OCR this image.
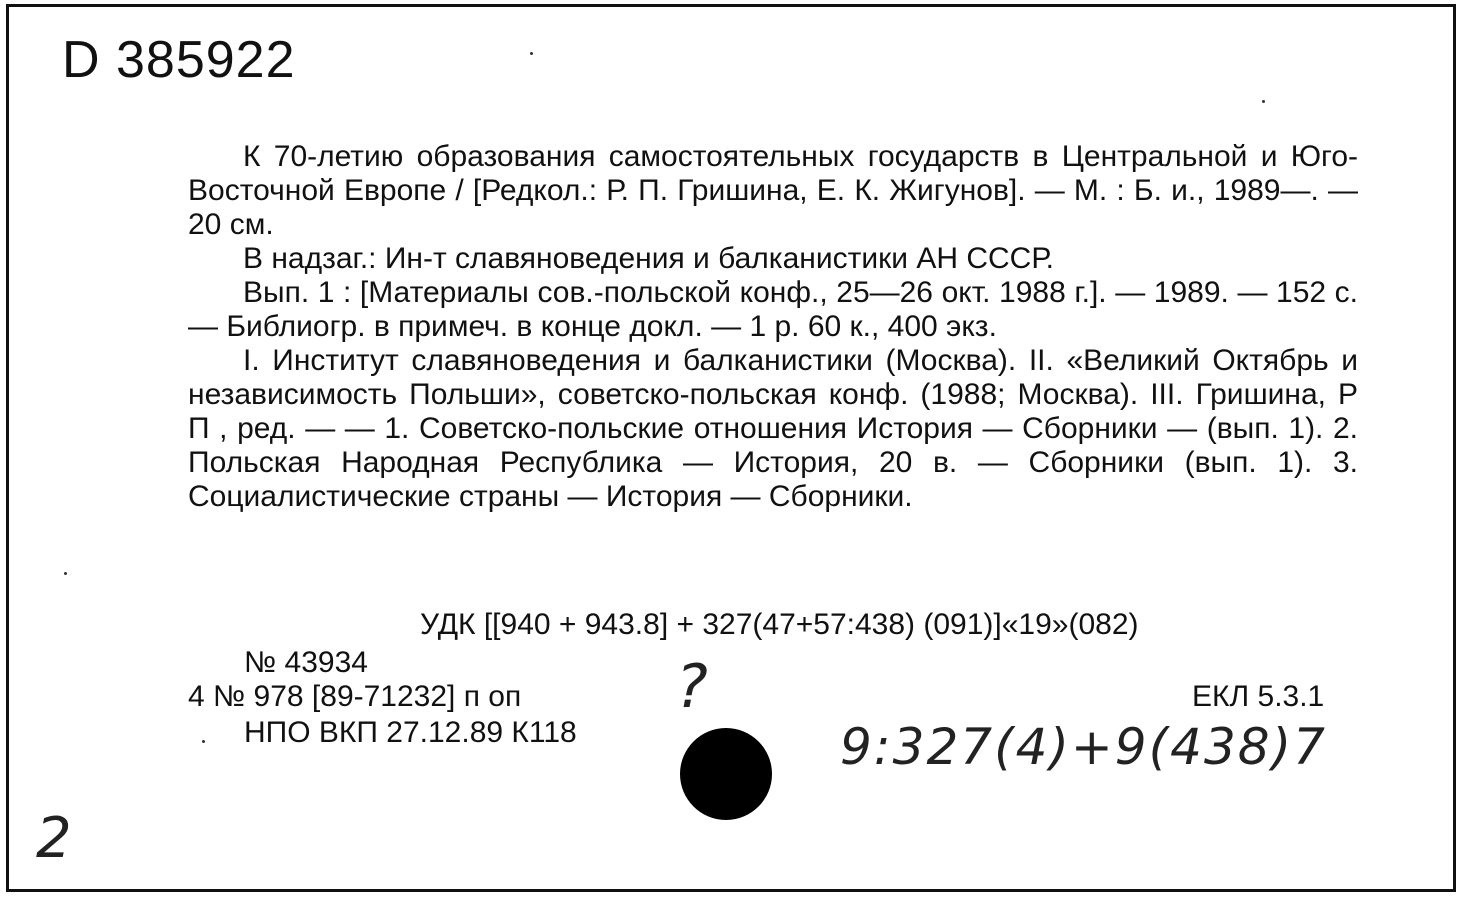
D 385922

К 70-летию образования самостоятельных государств в Центральной и Юго-Восточной Европе / [Редкол.: Р. П. Гришина, Е. К. Жигунов]. — М. : Б. и., 1989—. — 20 см.

В надзаг.: Ин-т славяноведения и балканистики АН СССР.

Вып. 1 : [Материалы сов.-польской конф., 25—26 окт. 1988 г.]. — 1989. — 152 с. — Библиогр. в примеч. в конце докл. — 1 р. 60 к., 400 экз.

I. Институт славяноведения и балканистики (Москва). II. «Великий Октябрь и независимость Польши», советско-польская конф. (1988; Москва). III. Гришина, Р П , ред. — — 1. Советско-польские отношения История — Сборники — (вып. 1). 2. Польская Народная Республика — История, 20 в. — Сборники (вып. 1). 3. Социалистические страны — История — Сборники.

УДК [[940 + 943.8] + 327(47+57:438) (091)]«19»(082)
№ 43934
4 № 978 [89-71232] п оп
НПО ВКП 27.12.89 К118
ЕКЛ 5.3.1
?
9:327(4)+9(438)7
2
